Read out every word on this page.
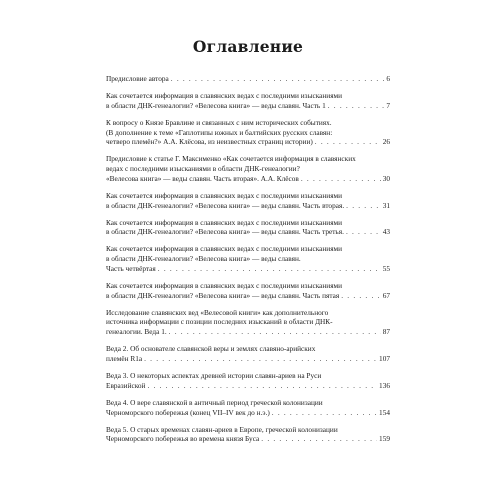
Оглавление
Предисловие автора . . .	6
Как сочетается информация в славянских ведах с последними изысканиями
в области ДНК-генеалогии? «Велесова книга» — веды славян. Часть 1 . . .	7
К вопросу о Князе Бравлине и связанных с ним исторических событиях.
(В дополнение к теме «Гаплотипы южных и балтийских русских славян:
четверо племён?» А.А. Клёсова, из неизвестных страниц истории) . . .	26
Предисловие к статье Г. Максименко «Как сочетается информация в славянских
ведах с последними изысканиями в области ДНК-генеалогии?
«Велесова книга» — веды славян. Часть вторая». А.А. Клёсов . . .	30
Как сочетается информация в славянских ведах с последними изысканиями
в области ДНК-генеалогии? «Велесова книга» — веды славян. Часть вторая. . . .	31
Как сочетается информация в славянских ведах с последними изысканиями
в области ДНК-генеалогии? «Велесова книга» — веды славян. Часть третья. . . .	43
Как сочетается информация в славянских ведах с последними изысканиями
в области ДНК-генеалогии? «Велесова книга» — веды славян.
Часть четвёртая . . .	55
Как сочетается информация в славянских ведах с последними изысканиями
в области ДНК-генеалогии? «Велесова книга» — веды славян. Часть пятая . . .	67
Исследование славянских вед «Велесовой книги» как дополнительного
источника информации с позиции последних изысканий в области ДНК-
генеалогии. Веда 1. . . .	87
Веда 2. Об основателе славянской веры и землях славяно-арийских
племён R1a . . .	107
Веда 3. О некоторых аспектах древней истории славян-ариев на Руси
Евразийской . . .	136
Веда 4. О вере славянской в античный период греческой колонизации
Черноморского побережья (конец VII–IV век до н.э.) . . .	154
Веда 5. О старых временах славян-ариев в Европе, греческой колонизации
Черноморского побережья во времена князя Буса . . .	159
